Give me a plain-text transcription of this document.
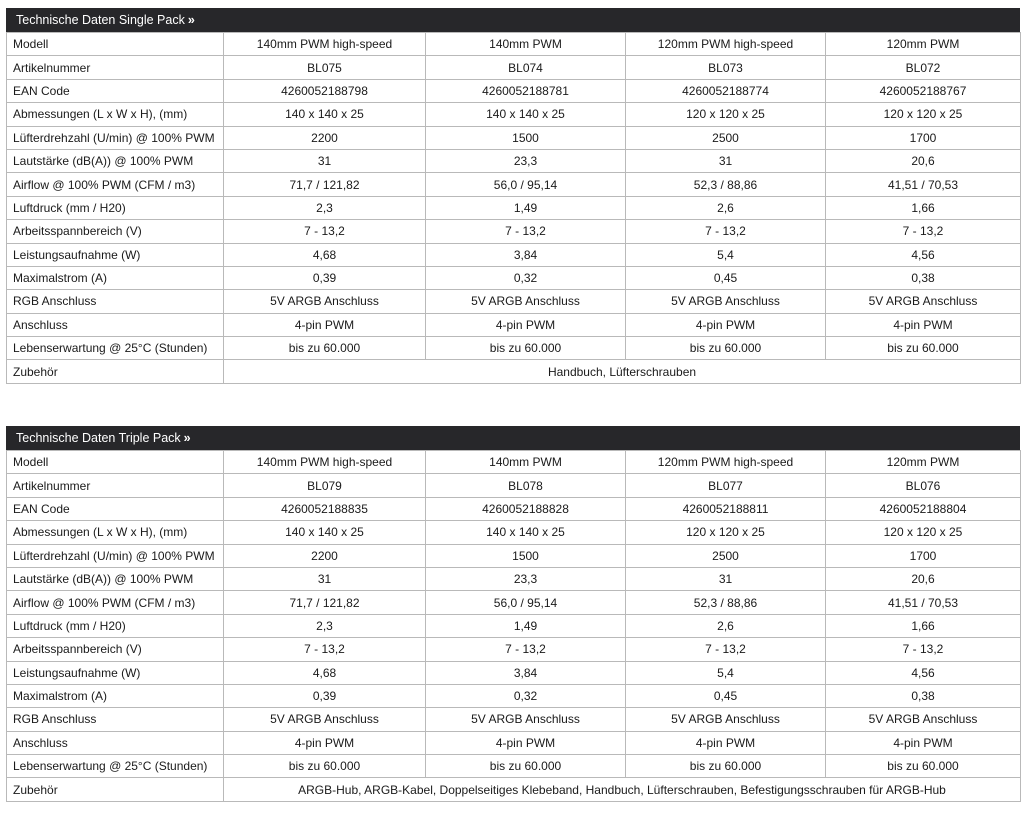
Technische Daten Single Pack »
Modell	140mm PWM high-speed	140mm PWM	120mm PWM high-speed	120mm PWM
Artikelnummer	BL075	BL074	BL073	BL072
EAN Code	4260052188798	4260052188781	4260052188774	4260052188767
Abmessungen (L x W x H), (mm)	140 x 140 x 25	140 x 140 x 25	120 x 120 x 25	120 x 120 x 25
Lüfterdrehzahl (U/min) @ 100% PWM	2200	1500	2500	1700
Lautstärke (dB(A)) @ 100% PWM	31	23,3	31	20,6
Airflow @ 100% PWM (CFM / m3)	71,7 / 121,82	56,0 / 95,14	52,3 / 88,86	41,51 / 70,53
Luftdruck (mm / H20)	2,3	1,49	2,6	1,66
Arbeitsspannbereich (V)	7 - 13,2	7 - 13,2	7 - 13,2	7 - 13,2
Leistungsaufnahme (W)	4,68	3,84	5,4	4,56
Maximalstrom (A)	0,39	0,32	0,45	0,38
RGB Anschluss	5V ARGB Anschluss	5V ARGB Anschluss	5V ARGB Anschluss	5V ARGB Anschluss
Anschluss	4-pin PWM	4-pin PWM	4-pin PWM	4-pin PWM
Lebenserwartung @ 25°C (Stunden)	bis zu 60.000	bis zu 60.000	bis zu 60.000	bis zu 60.000
Zubehör	Handbuch, Lüfterschrauben			
Technische Daten Triple Pack »
Modell	140mm PWM high-speed	140mm PWM	120mm PWM high-speed	120mm PWM
Artikelnummer	BL079	BL078	BL077	BL076
EAN Code	4260052188835	4260052188828	4260052188811	4260052188804
Abmessungen (L x W x H), (mm)	140 x 140 x 25	140 x 140 x 25	120 x 120 x 25	120 x 120 x 25
Lüfterdrehzahl (U/min) @ 100% PWM	2200	1500	2500	1700
Lautstärke (dB(A)) @ 100% PWM	31	23,3	31	20,6
Airflow @ 100% PWM (CFM / m3)	71,7 / 121,82	56,0 / 95,14	52,3 / 88,86	41,51 / 70,53
Luftdruck (mm / H20)	2,3	1,49	2,6	1,66
Arbeitsspannbereich (V)	7 - 13,2	7 - 13,2	7 - 13,2	7 - 13,2
Leistungsaufnahme (W)	4,68	3,84	5,4	4,56
Maximalstrom (A)	0,39	0,32	0,45	0,38
RGB Anschluss	5V ARGB Anschluss	5V ARGB Anschluss	5V ARGB Anschluss	5V ARGB Anschluss
Anschluss	4-pin PWM	4-pin PWM	4-pin PWM	4-pin PWM
Lebenserwartung @ 25°C (Stunden)	bis zu 60.000	bis zu 60.000	bis zu 60.000	bis zu 60.000
Zubehör	ARGB-Hub, ARGB-Kabel, Doppelseitiges Klebeband, Handbuch, Lüfterschrauben, Befestigungsschrauben für ARGB-Hub			
